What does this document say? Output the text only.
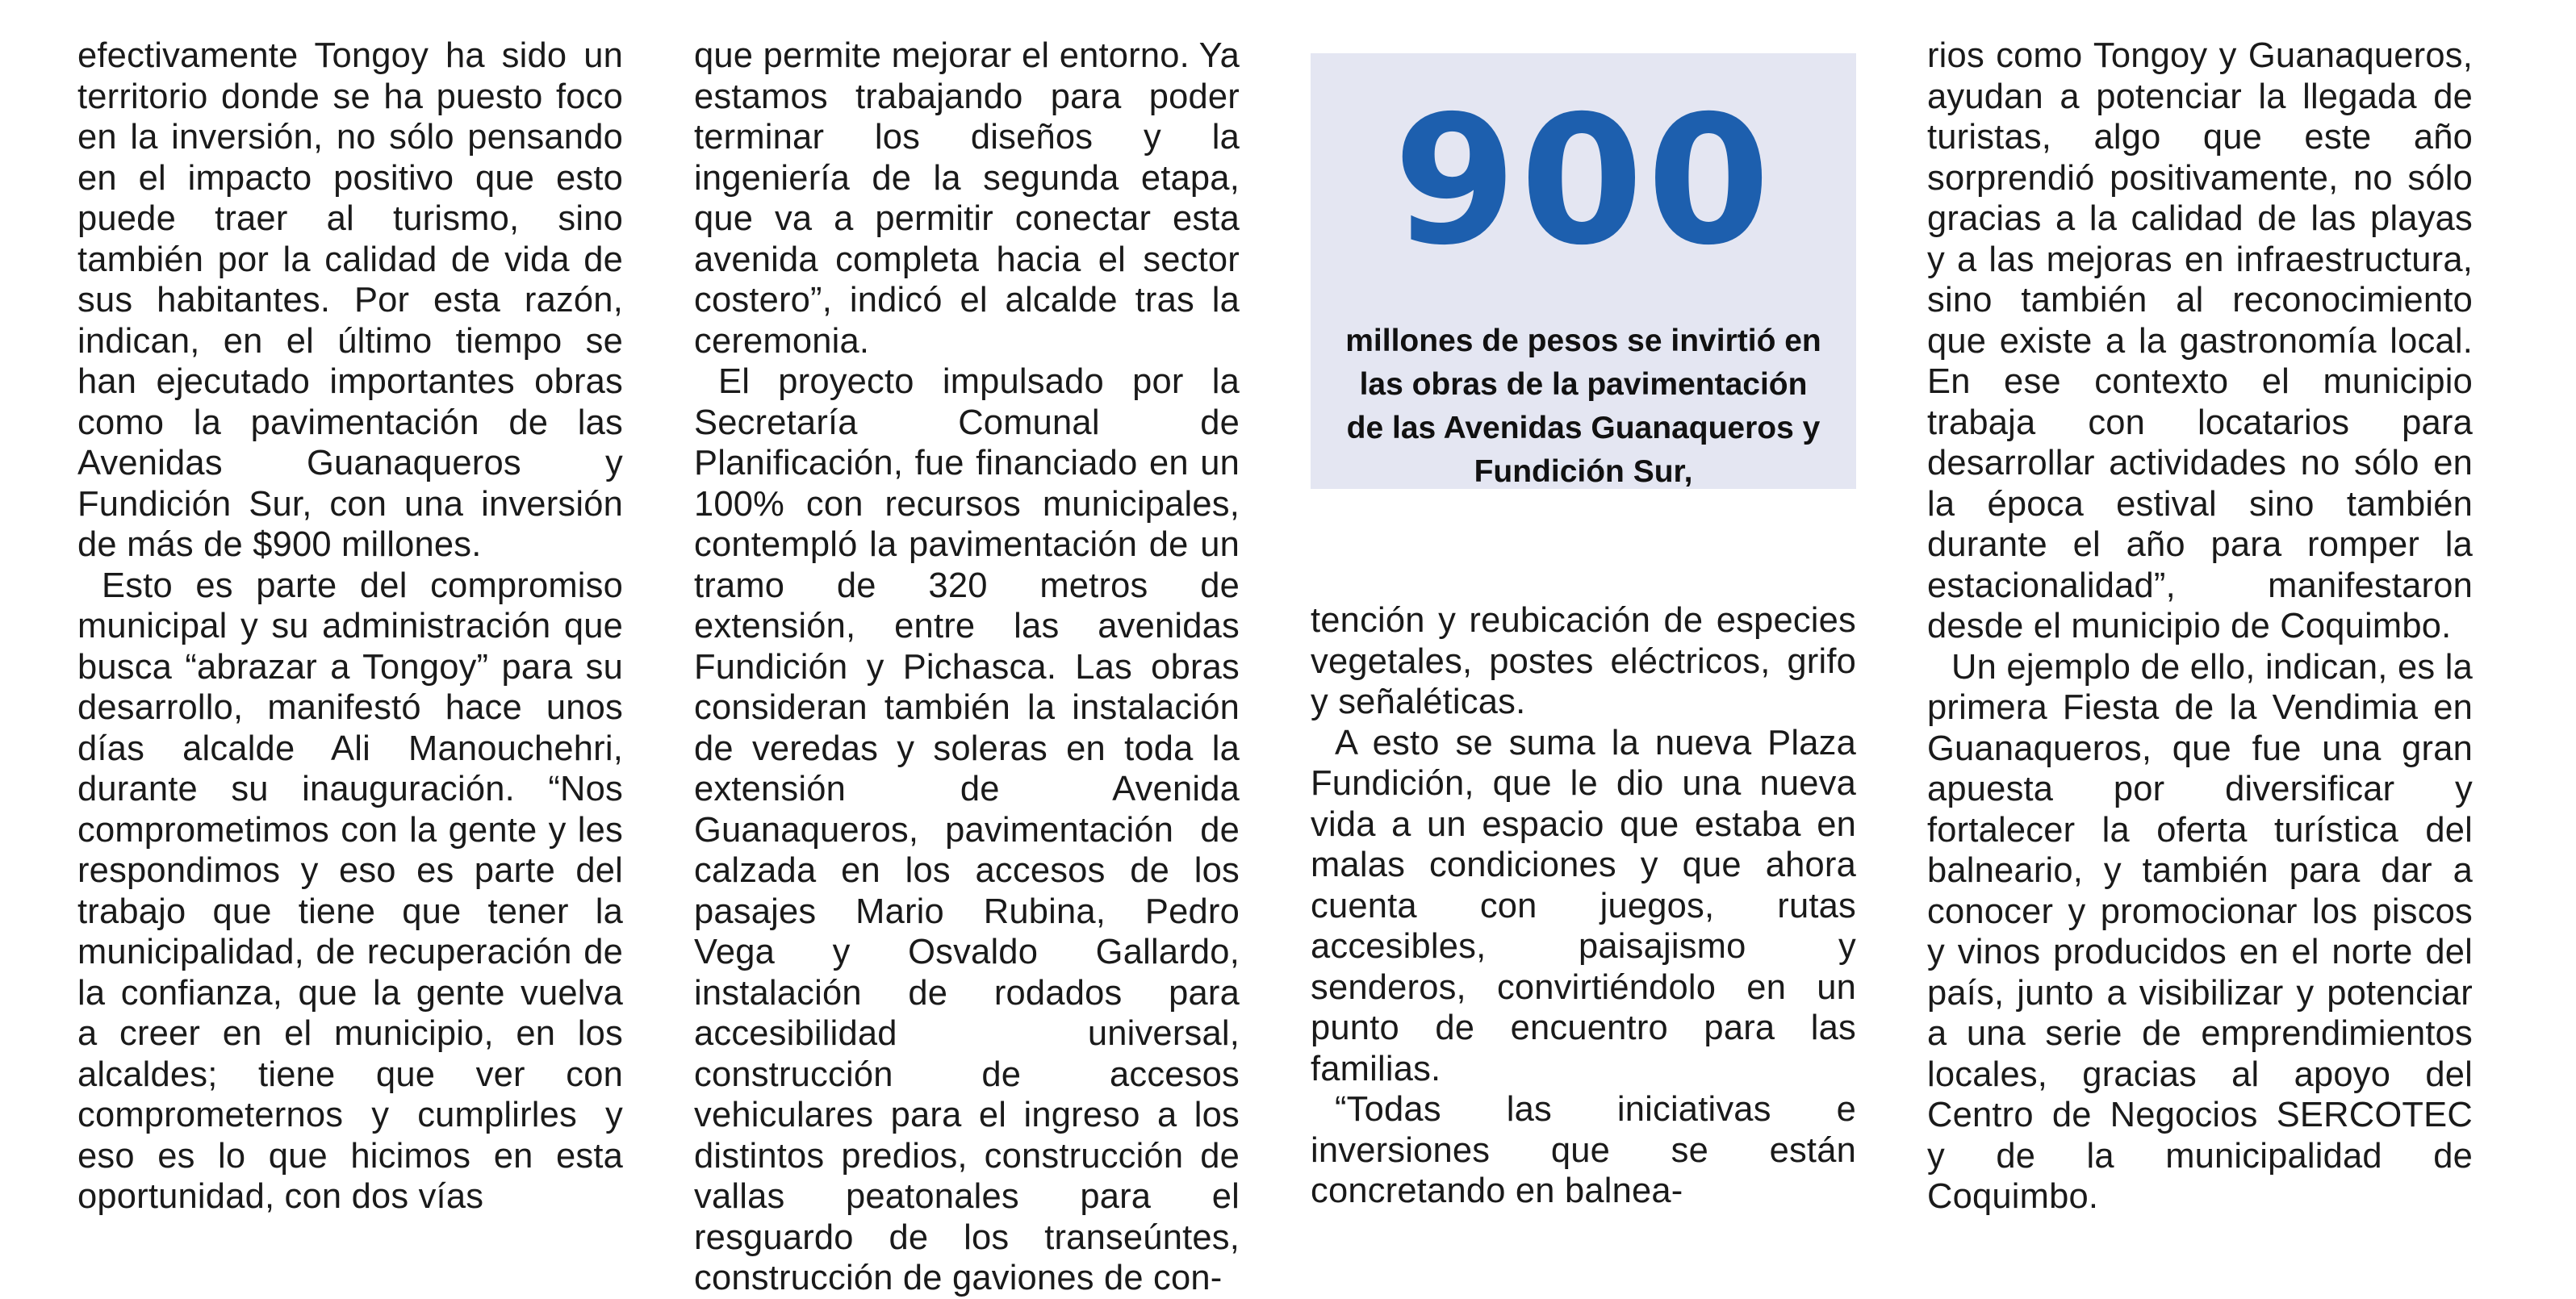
efectivamente Tongoy ha sido un territorio donde se ha puesto foco en la inversión, no sólo pensando en el impacto positivo que esto puede traer al turismo, sino también por la calidad de vida de sus habitantes. Por esta razón, indican, en el último tiempo se han ejecutado importantes obras como la pavimentación de las Avenidas Guanaqueros y Fundición Sur, con una inversión de más de $900 millones.

Esto es parte del compromiso municipal y su administración que busca “abrazar a Tongoy” para su desarrollo, manifestó hace unos días alcalde Ali Manouchehri, durante su inauguración. “Nos comprometimos con la gente y les respondimos y eso es parte del trabajo que tiene que tener la municipalidad, de recuperación de la confianza, que la gente vuelva a creer en el municipio, en los alcaldes; tiene que ver con comprometernos y cumplirles y eso es lo que hicimos en esta oportunidad, con dos vías

que permite mejorar el entorno. Ya estamos trabajando para poder terminar los diseños y la ingeniería de la segunda etapa, que va a permitir conectar esta avenida completa hacia el sector costero”, indicó el alcalde tras la ceremonia.

El proyecto impulsado por la Secretaría Comunal de Planificación, fue financiado en un 100% con recursos municipales, contempló la pavimentación de un tramo de 320 metros de extensión, entre las avenidas Fundición y Pichasca. Las obras consideran también la instalación de veredas y soleras en toda la extensión de Avenida Guanaqueros, pavimentación de calzada en los accesos de los pasajes Mario Rubina, Pedro Vega y Osvaldo Gallardo, instalación de rodados para accesibilidad universal, construcción de accesos vehiculares para el ingreso a los distintos predios, construcción de vallas peatonales para el resguardo de los transeúntes, construcción de gaviones de con-

900
millones de pesos se invirtió en las obras de la pavimentación de las Avenidas Guanaqueros y Fundición Sur,

tención y reubicación de especies vegetales, postes eléctricos, grifo y señaléticas.

A esto se suma la nueva Plaza Fundición, que le dio una nueva vida a un espacio que estaba en malas condiciones y que ahora cuenta con juegos, rutas accesibles, paisajismo y senderos, convirtiéndolo en un punto de encuentro para las familias.

“Todas las iniciativas e inversiones que se están concretando en balnea-

rios como Tongoy y Guanaqueros, ayudan a potenciar la llegada de turistas, algo que este año sorprendió positivamente, no sólo gracias a la calidad de las playas y a las mejoras en infraestructura, sino también al reconocimiento que existe a la gastronomía local. En ese contexto el municipio trabaja con locatarios para desarrollar actividades no sólo en la época estival sino también durante el año para romper la estacionalidad”, manifestaron desde el municipio de Coquimbo.

Un ejemplo de ello, indican, es la primera Fiesta de la Vendimia en Guanaqueros, que fue una gran apuesta por diversificar y fortalecer la oferta turística del balneario, y también para dar a conocer y promocionar los piscos y vinos producidos en el norte del país, junto a visibilizar y potenciar a una serie de emprendimientos locales, gracias al apoyo del Centro de Negocios SERCOTEC y de la municipalidad de Coquimbo.
